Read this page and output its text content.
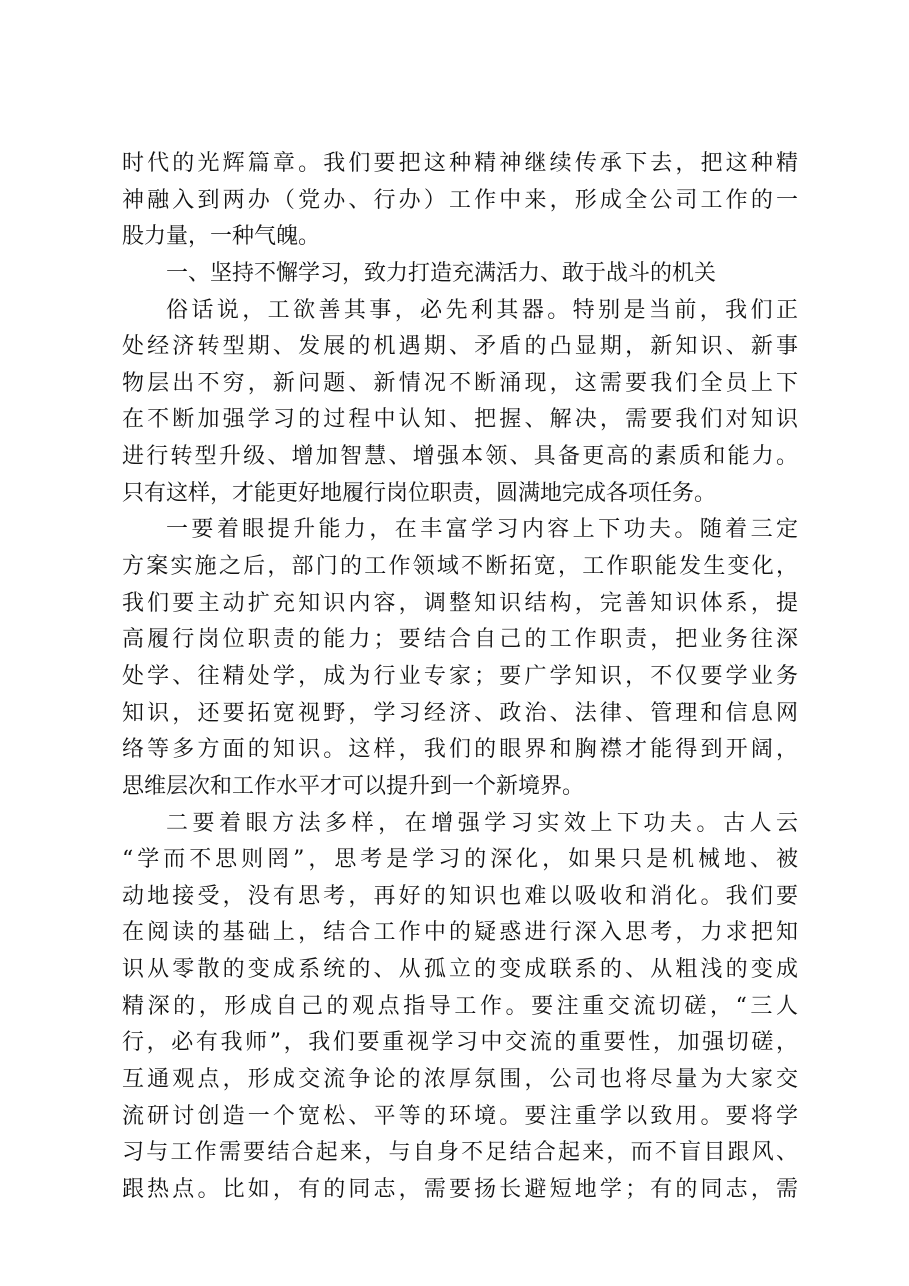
时代的光辉篇章。我们要把这种精神继续传承下去，把这种精
神融入到两办（党办、行办）工作中来，形成全公司工作的一
股力量，一种气魄。
一、坚持不懈学习，致力打造充满活力、敢于战斗的机关
俗话说，工欲善其事，必先利其器。特别是当前，我们正
处经济转型期、发展的机遇期、矛盾的凸显期，新知识、新事
物层出不穷，新问题、新情况不断涌现，这需要我们全员上下
在不断加强学习的过程中认知、把握、解决，需要我们对知识
进行转型升级、增加智慧、增强本领、具备更高的素质和能力。
只有这样，才能更好地履行岗位职责，圆满地完成各项任务。
一要着眼提升能力，在丰富学习内容上下功夫。随着三定
方案实施之后，部门的工作领域不断拓宽，工作职能发生变化，
我们要主动扩充知识内容，调整知识结构，完善知识体系，提
高履行岗位职责的能力；要结合自己的工作职责，把业务往深
处学、往精处学，成为行业专家；要广学知识，不仅要学业务
知识，还要拓宽视野，学习经济、政治、法律、管理和信息网
络等多方面的知识。这样，我们的眼界和胸襟才能得到开阔，
思维层次和工作水平才可以提升到一个新境界。
二要着眼方法多样，在增强学习实效上下功夫。古人云
“学而不思则罔”，思考是学习的深化，如果只是机械地、被
动地接受，没有思考，再好的知识也难以吸收和消化。我们要
在阅读的基础上，结合工作中的疑惑进行深入思考，力求把知
识从零散的变成系统的、从孤立的变成联系的、从粗浅的变成
精深的，形成自己的观点指导工作。要注重交流切磋，“三人
行，必有我师”，我们要重视学习中交流的重要性，加强切磋，
互通观点，形成交流争论的浓厚氛围，公司也将尽量为大家交
流研讨创造一个宽松、平等的环境。要注重学以致用。要将学
习与工作需要结合起来，与自身不足结合起来，而不盲目跟风、
跟热点。比如，有的同志，需要扬长避短地学；有的同志，需
